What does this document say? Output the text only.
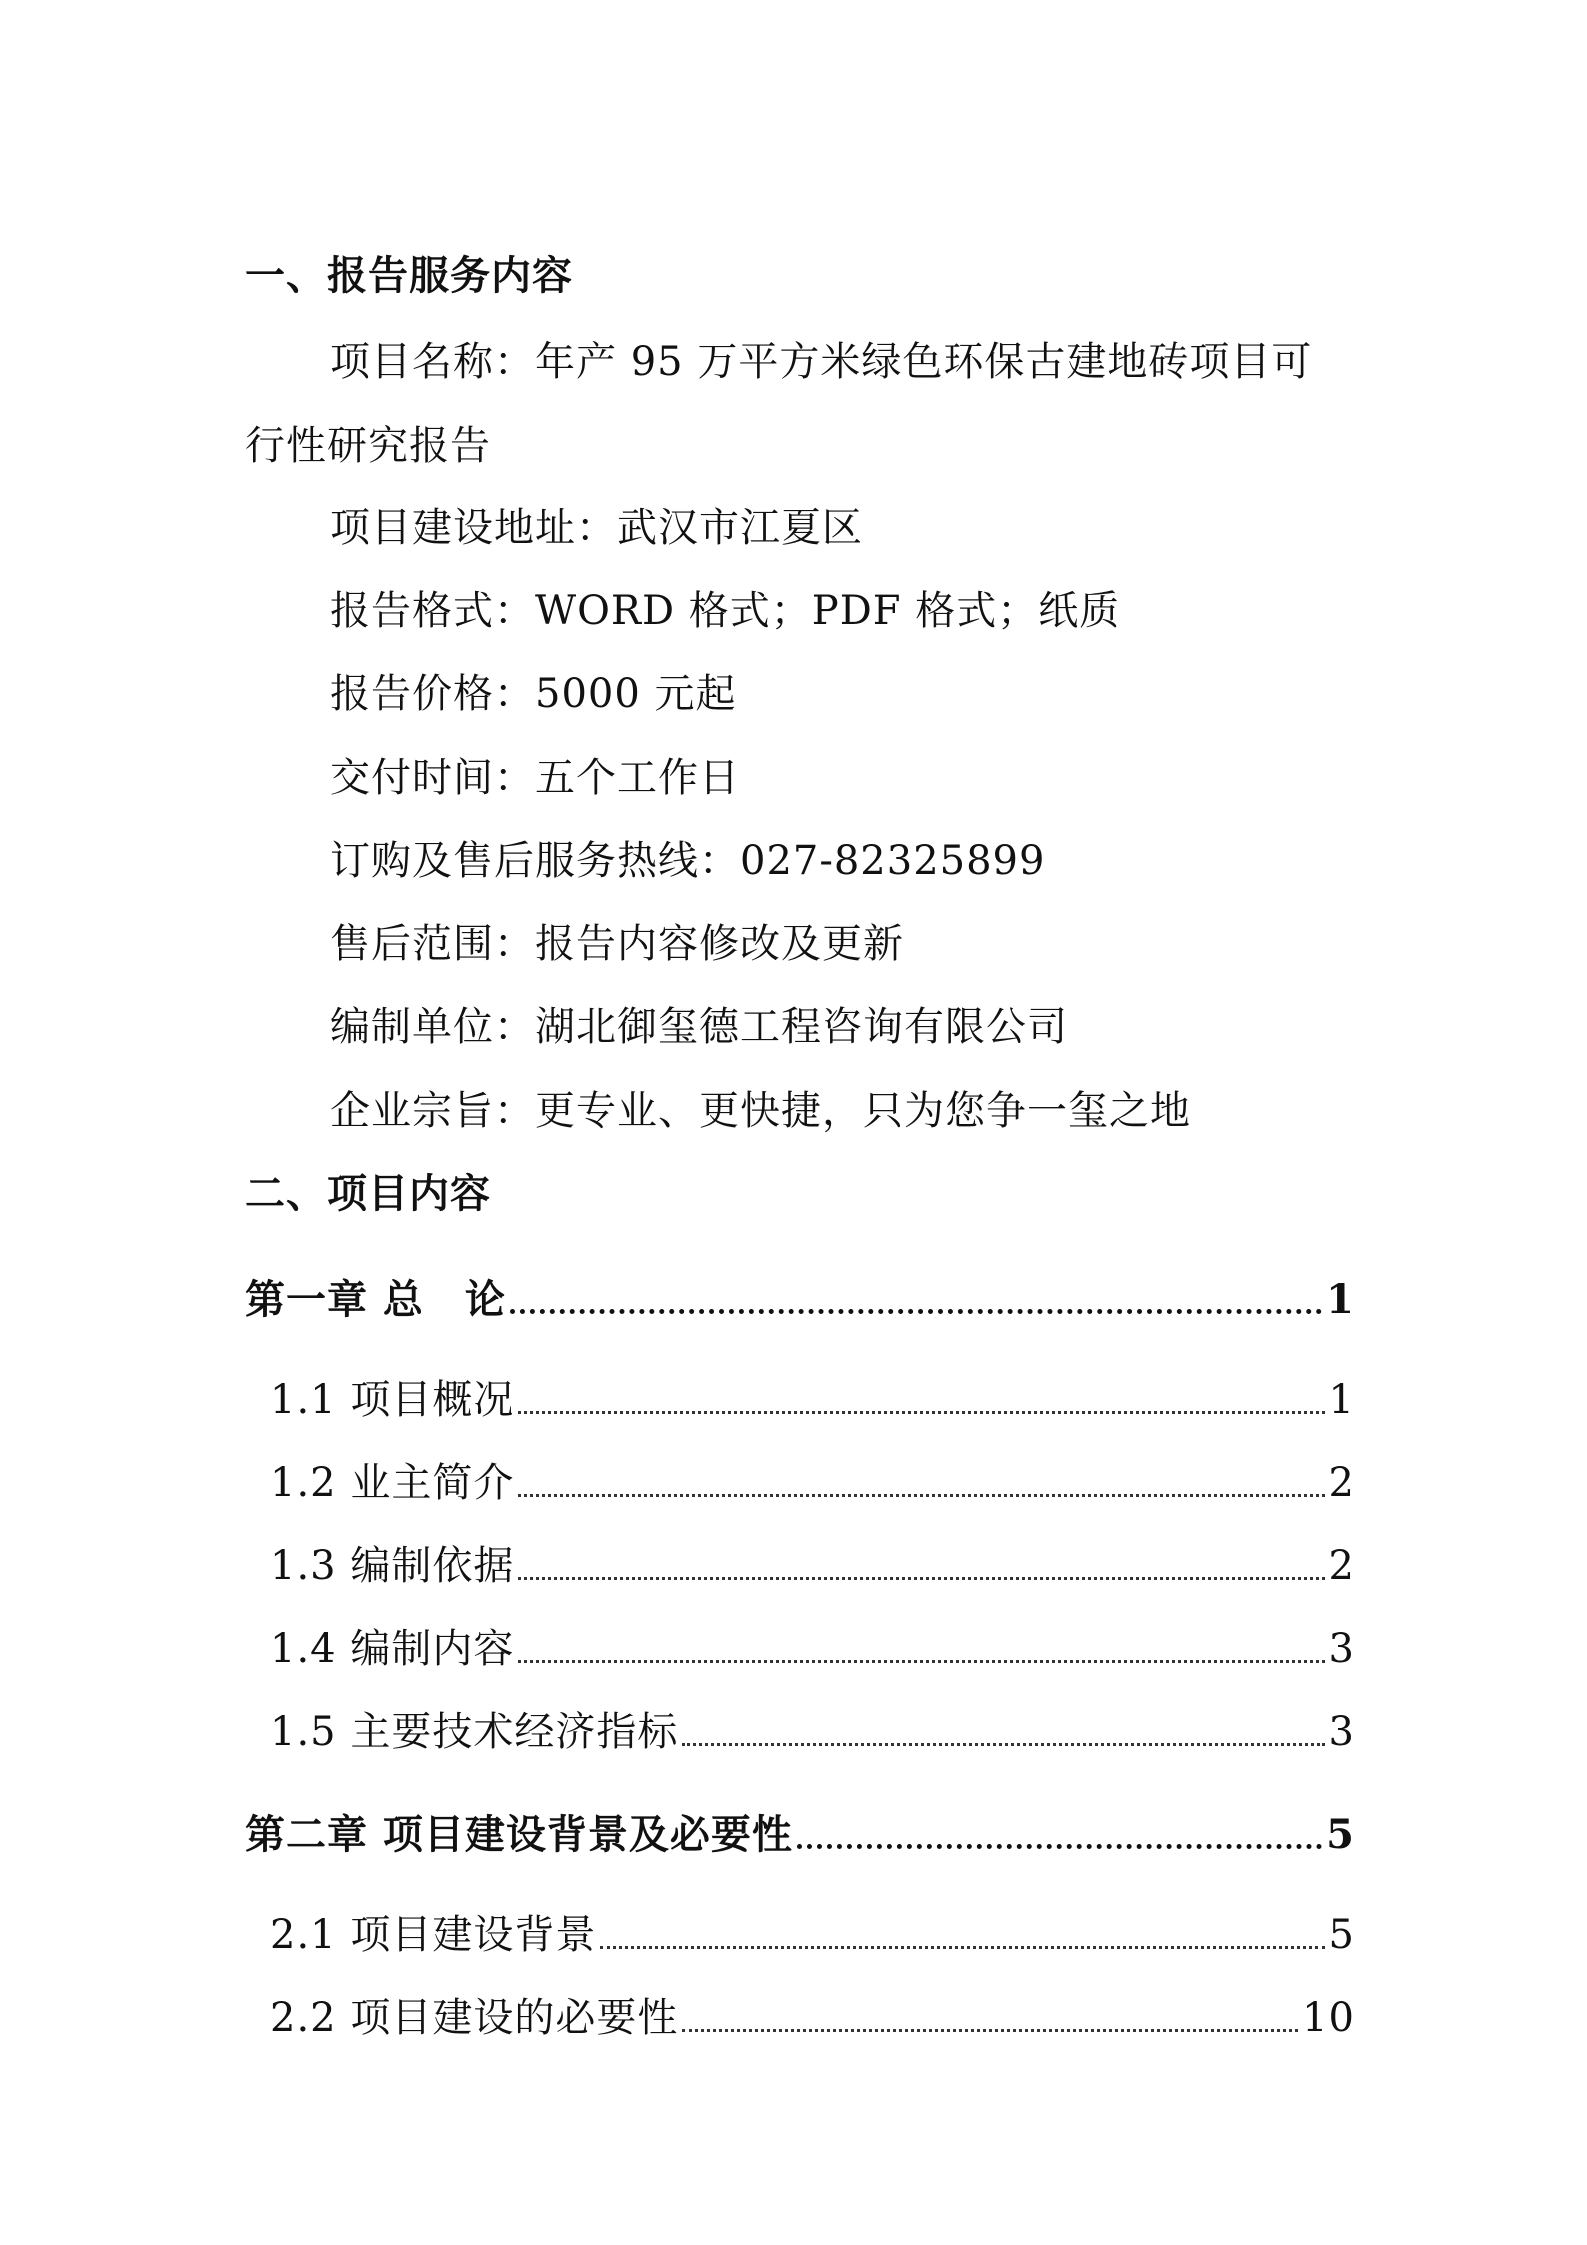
一、报告服务内容
项目名称：年产 95 万平方米绿色环保古建地砖项目可
行性研究报告
项目建设地址：武汉市江夏区
报告格式：WORD 格式；PDF 格式；纸质
报告价格：5000 元起
交付时间：五个工作日
订购及售后服务热线：027-82325899
售后范围：报告内容修改及更新
编制单位：湖北御玺德工程咨询有限公司
企业宗旨：更专业、更快捷，只为您争一玺之地
二、项目内容
第一章 总　论	1
1.1 项目概况	1
1.2 业主简介	2
1.3 编制依据	2
1.4 编制内容	3
1.5 主要技术经济指标	3
第二章 项目建设背景及必要性	5
2.1 项目建设背景	5
2.2 项目建设的必要性	10
